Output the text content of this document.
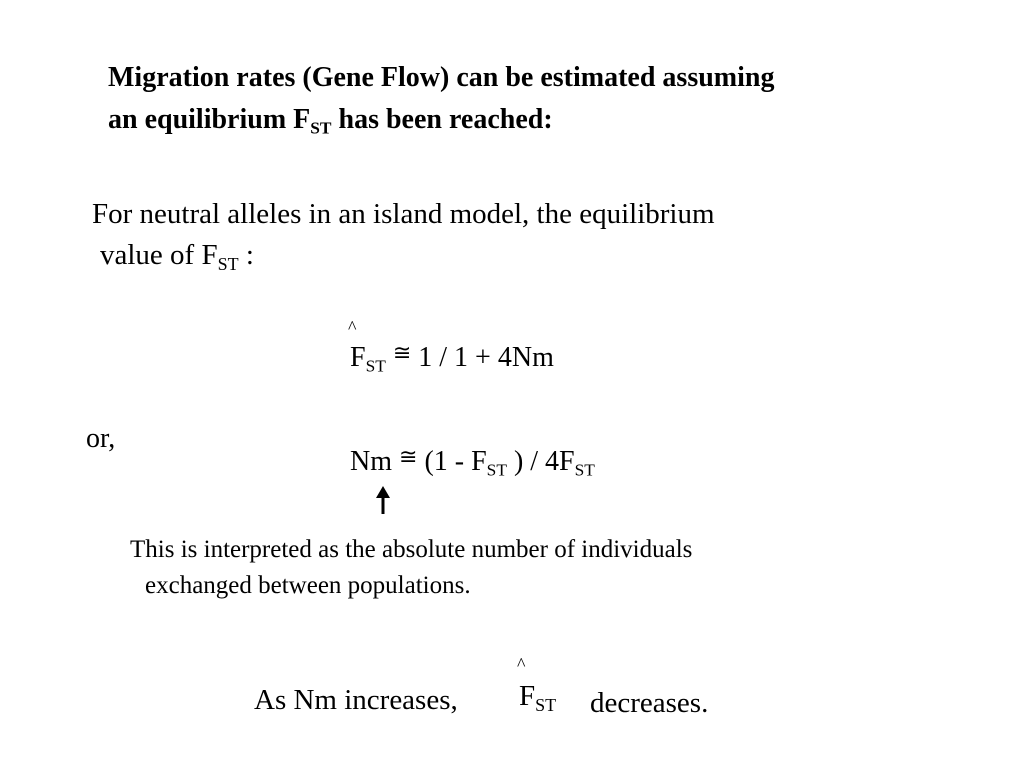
Migration rates (Gene Flow) can be estimated assuming
an equilibrium $F_{ST}$ has been reached:
For neutral alleles in an island model, the equilibrium
value of $F_{ST}$ :
^
$F_{ST}$ ≅ 1 / 1 + 4Nm
or,
Nm ≅ ($1 - F_{ST}$ ) / $4F_{ST}$
This is interpreted as the absolute number of individuals
exchanged between populations.
As Nm increases,
^
$F_{ST}$ decreases.
